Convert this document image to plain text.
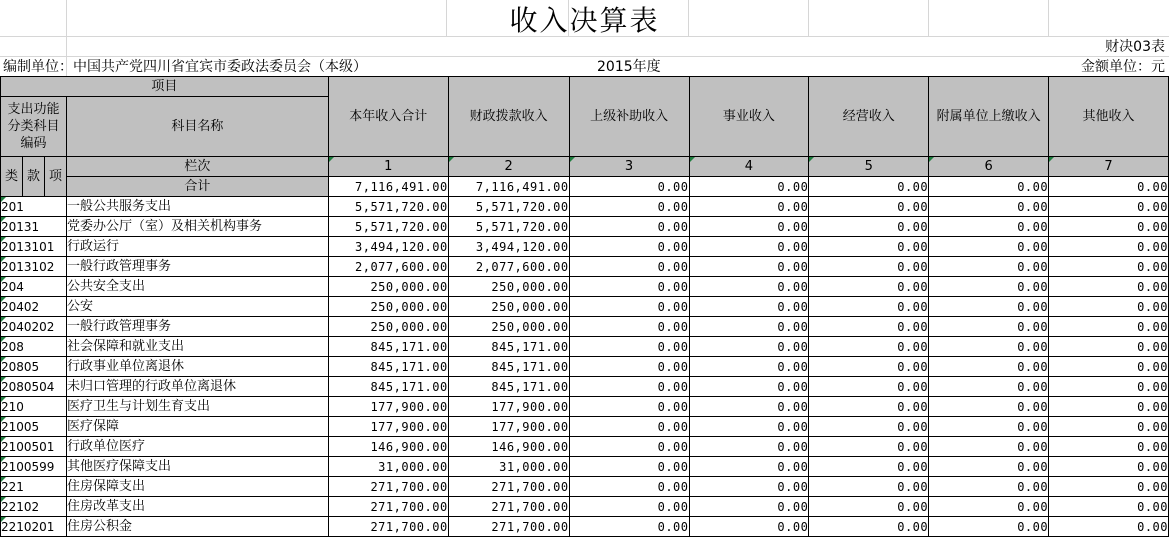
收入决算表
财决03表
编制单位：中国共产党四川省宜宾市委政法委员会（本级）	2015年度	金额单位：元
项目				本年收入合计	财政拨款收入	上级补助收入	事业收入	经营收入	附属单位上缴收入	其他收入
支出功能分类科目编码			科目名称							
类	款	项	栏次	1	2	3	4	5	6	7
			合计	7,116,491.00	7,116,491.00	0.00	0.00	0.00	0.00	0.00

201			一般公共服务支出	5,571,720.00	5,571,720.00	0.00	0.00	0.00	0.00	0.00

20131			党委办公厅（室）及相关机构事务	5,571,720.00	5,571,720.00	0.00	0.00	0.00	0.00	0.00

2013101			行政运行	3,494,120.00	3,494,120.00	0.00	0.00	0.00	0.00	0.00

2013102			一般行政管理事务	2,077,600.00	2,077,600.00	0.00	0.00	0.00	0.00	0.00

204			公共安全支出	250,000.00	250,000.00	0.00	0.00	0.00	0.00	0.00

20402			公安	250,000.00	250,000.00	0.00	0.00	0.00	0.00	0.00

2040202			一般行政管理事务	250,000.00	250,000.00	0.00	0.00	0.00	0.00	0.00

208			社会保障和就业支出	845,171.00	845,171.00	0.00	0.00	0.00	0.00	0.00

20805			行政事业单位离退休	845,171.00	845,171.00	0.00	0.00	0.00	0.00	0.00

2080504			未归口管理的行政单位离退休	845,171.00	845,171.00	0.00	0.00	0.00	0.00	0.00

210			医疗卫生与计划生育支出	177,900.00	177,900.00	0.00	0.00	0.00	0.00	0.00

21005			医疗保障	177,900.00	177,900.00	0.00	0.00	0.00	0.00	0.00

2100501			行政单位医疗	146,900.00	146,900.00	0.00	0.00	0.00	0.00	0.00

2100599			其他医疗保障支出	31,000.00	31,000.00	0.00	0.00	0.00	0.00	0.00

221			住房保障支出	271,700.00	271,700.00	0.00	0.00	0.00	0.00	0.00

22102			住房改革支出	271,700.00	271,700.00	0.00	0.00	0.00	0.00	0.00

2210201			住房公积金	271,700.00	271,700.00	0.00	0.00	0.00	0.00	0.00
